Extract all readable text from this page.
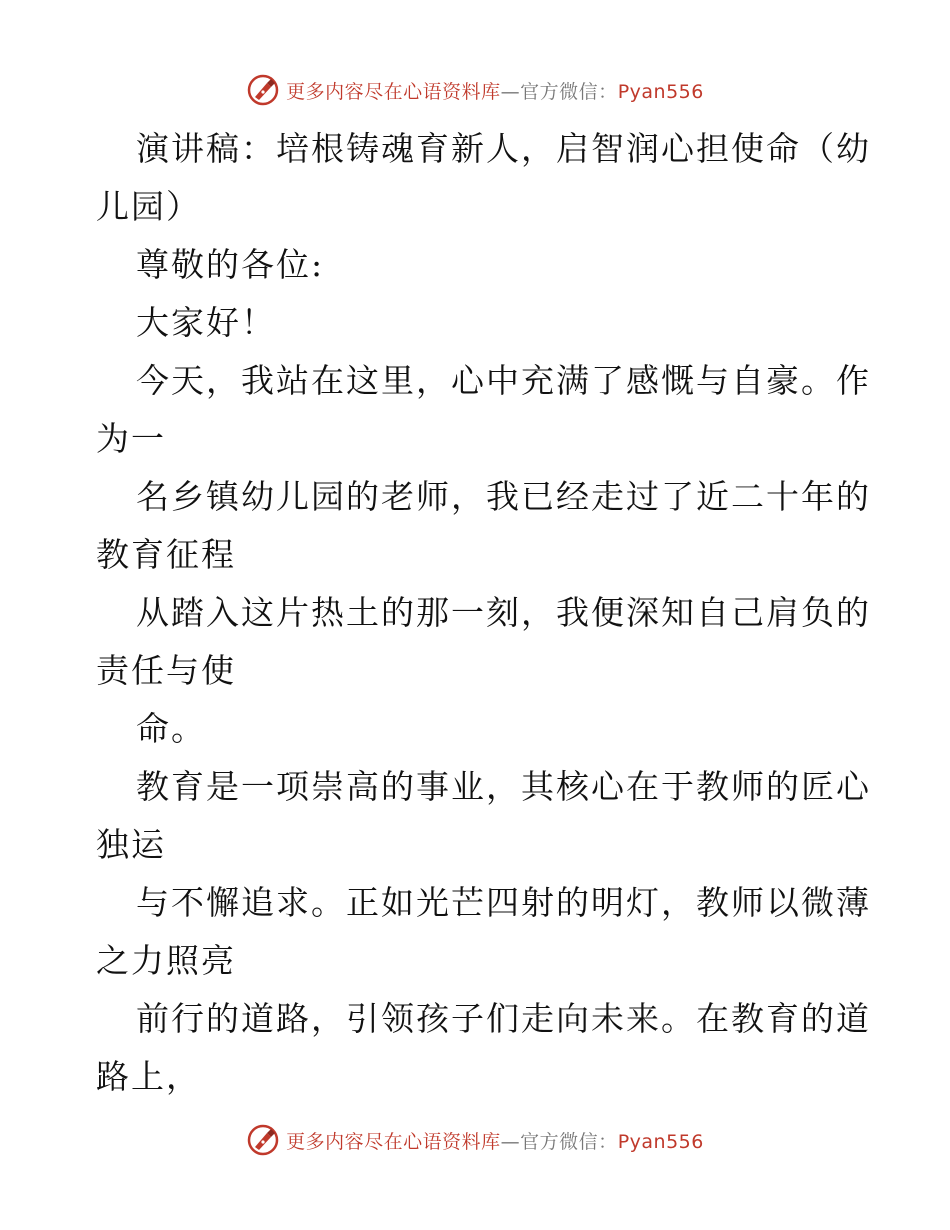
更多内容尽在心语资料库—官方微信：Pyan556
演讲稿：培根铸魂育新人，启智润心担使命（幼
儿园）
尊敬的各位:
大家好！
今天，我站在这里，心中充满了感慨与自豪。作
为一
名乡镇幼儿园的老师，我已经走过了近二十年的
教育征程
从踏入这片热土的那一刻，我便深知自己肩负的
责任与使
命。
教育是一项崇高的事业，其核心在于教师的匠心
独运
与不懈追求。正如光芒四射的明灯，教师以微薄
之力照亮
前行的道路，引领孩子们走向未来。在教育的道
路上，
更多内容尽在心语资料库—官方微信：Pyan556
